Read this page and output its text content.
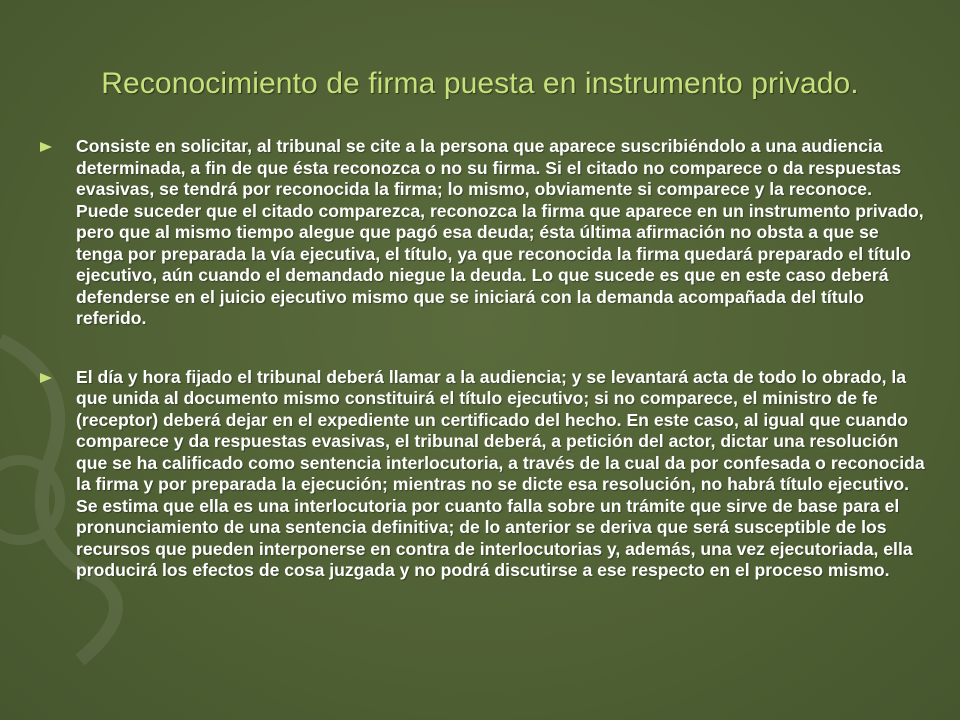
Reconocimiento de firma puesta en instrumento privado.
Consiste en solicitar, al tribunal se cite a la persona que aparece suscribiéndolo a una audiencia determinada, a fin de que ésta reconozca o no su firma. Si el citado no comparece o da respuestas evasivas, se tendrá por reconocida la firma; lo mismo, obviamente si comparece y la reconoce. Puede suceder que el citado comparezca, reconozca la firma que aparece en un instrumento privado, pero que al mismo tiempo alegue que pagó esa deuda; ésta última afirmación no obsta a que se tenga por preparada la vía ejecutiva, el título, ya que reconocida la firma quedará preparado el título ejecutivo, aún cuando el demandado niegue la deuda. Lo que sucede es que en este caso deberá defenderse en el juicio ejecutivo mismo que se iniciará con la demanda acompañada del título referido.
El día y hora fijado el tribunal deberá llamar a la audiencia; y se levantará acta de todo lo obrado, la que unida al documento mismo constituirá el título ejecutivo; si no comparece, el ministro de fe (receptor) deberá dejar en el expediente un certificado del hecho. En este caso, al igual que cuando comparece y da respuestas evasivas, el tribunal deberá, a petición del actor, dictar una resolución que se ha calificado como sentencia interlocutoria, a través de la cual da por confesada o reconocida la firma y por preparada la ejecución; mientras no se dicte esa resolución, no habrá título ejecutivo. Se estima que ella es una interlocutoria por cuanto falla sobre un trámite que sirve de base para el pronunciamiento de una sentencia definitiva; de lo anterior se deriva que será susceptible de los recursos que pueden interponerse en contra de interlocutorias y, además, una vez ejecutoriada, ella producirá los efectos de cosa juzgada y no podrá discutirse a ese respecto en el proceso mismo.
